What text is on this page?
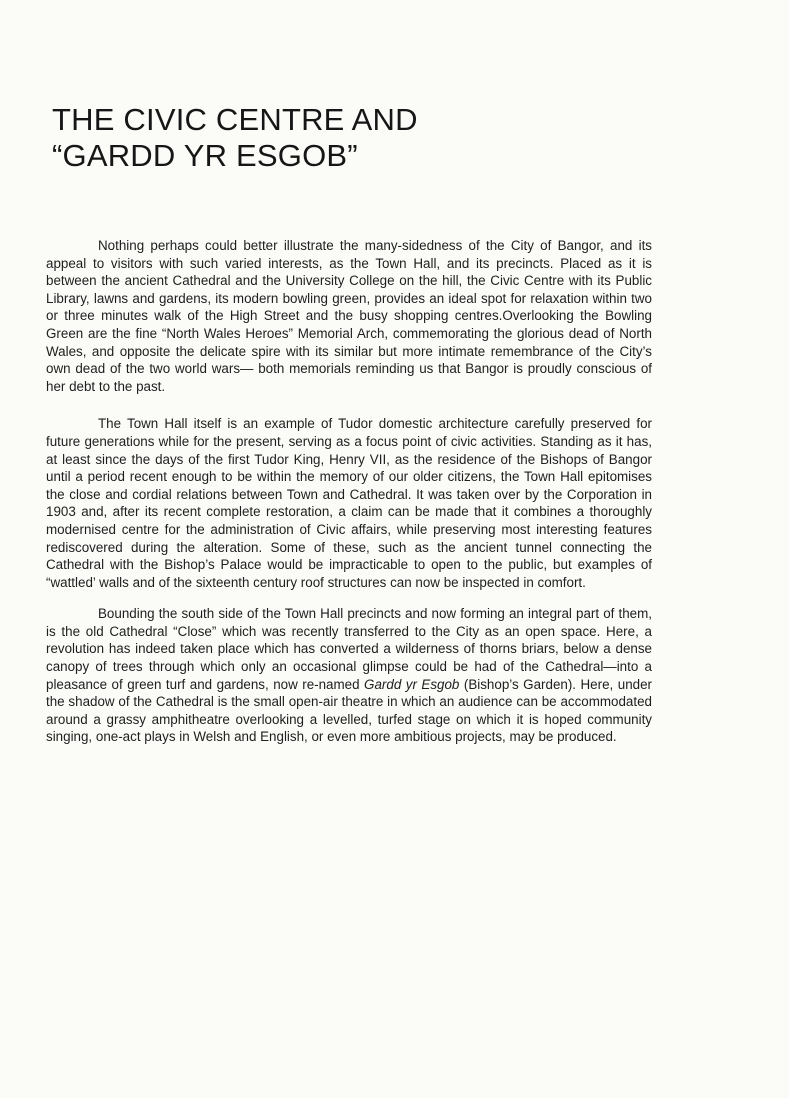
THE CIVIC CENTRE AND
“GARDD YR ESGOB”

Nothing perhaps could better illustrate the many-sidedness of the City of Bangor, and its appeal to visitors with such varied interests, as the Town Hall, and its precincts. Placed as it is between the ancient Cathedral and the University College on the hill, the Civic Centre with its Public Library, lawns and gardens, its modern bowling green, provides an ideal spot for relaxation within two or three minutes walk of the High Street and the busy shopping centres.Overlooking the Bowling Green are the fine “North Wales Heroes” Memorial Arch, commemorating the glorious dead of North Wales, and opposite the delicate spire with its similar but more intimate remembrance of the City’s own dead of the two world wars— both memorials reminding us that Bangor is proudly conscious of her debt to the past.

The Town Hall itself is an example of Tudor domestic architecture carefully preserved for future generations while for the present, serving as a focus point of civic activities. Standing as it has, at least since the days of the first Tudor King, Henry VII, as the residence of the Bishops of Bangor until a period recent enough to be within the memory of our older citizens, the Town Hall epitomises the close and cordial relations between Town and Cathedral. It was taken over by the Corporation in 1903 and, after its recent complete restoration, a claim can be made that it combines a thoroughly modernised centre for the administration of Civic affairs, while preserving most interesting features rediscovered during the alteration. Some of these, such as the ancient tunnel connecting the Cathedral with the Bishop’s Palace would be impracticable to open to the public, but examples of “wattled’ walls and of the sixteenth century roof structures can now be inspected in comfort.

Bounding the south side of the Town Hall precincts and now forming an integral part of them, is the old Cathedral “Close” which was recently transferred to the City as an open space. Here, a revolution has indeed taken place which has converted a wilderness of thorns briars, below a dense canopy of trees through which only an occasional glimpse could be had of the Cathedral—into a pleasance of green turf and gardens, now re-named Gardd yr Esgob (Bishop’s Garden). Here, under the shadow of the Cathedral is the small open-air theatre in which an audience can be accommodated around a grassy amphitheatre overlooking a levelled, turfed stage on which it is hoped community singing, one-act plays in Welsh and English, or even more ambitious projects, may be produced.
